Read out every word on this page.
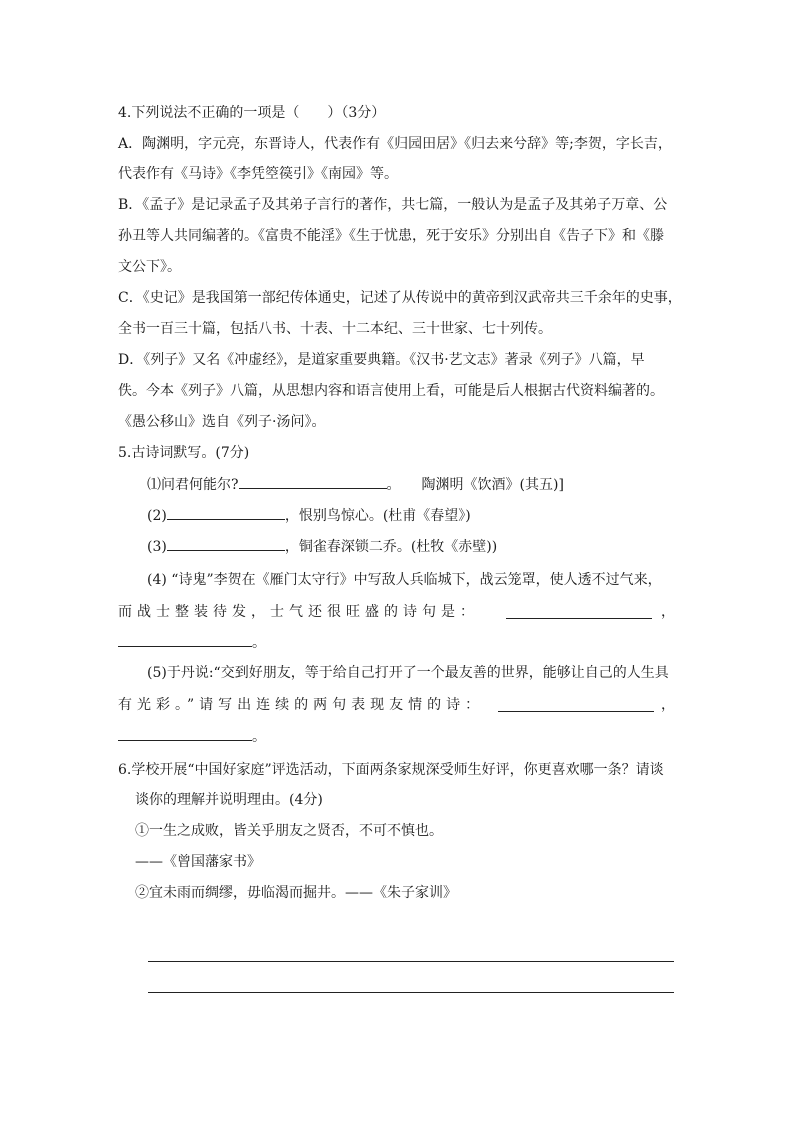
4.下列说法不正确的一项是（　　）（3分）
A．陶渊明，字元亮，东晋诗人，代表作有《归园田居》《归去来兮辞》等;李贺，字长吉，
代表作有《马诗》《李凭箜篌引》《南园》等。
B．《孟子》是记录孟子及其弟子言行的著作，共七篇，一般认为是孟子及其弟子万章、公
孙丑等人共同编著的。《富贵不能淫》《生于忧患，死于安乐》分别出自《告子下》和《滕
文公下》。
C．《史记》是我国第一部纪传体通史，记述了从传说中的黄帝到汉武帝共三千余年的史事，
全书一百三十篇，包括八书、十表、十二本纪、三十世家、七十列传。
D．《列子》又名《冲虚经》，是道家重要典籍。《汉书·艺文志》著录《列子》八篇，早
佚。今本《列子》八篇，从思想内容和语言使用上看，可能是后人根据古代资料编著的。
《愚公移山》选自《列子·汤问》。
5.古诗词默写。(7分)
⑴问君何能尔?	。　　陶渊明《饮酒》(其五)]
(2)	，恨别鸟惊心。(杜甫《春望》)
(3)	，铜雀春深锁二乔。(杜牧《赤壁))
(4) “诗鬼”李贺在《雁门太守行》中写敌人兵临城下，战云笼罩，使人透不过气来，
而战士整装待发，士气还很旺盛的诗句是：	，
。
(5)于丹说:“交到好朋友，等于给自己打开了一个最友善的世界，能够让自己的人生具
有光彩。”请写出连续的两句表现友情的诗：	，
。
6.学校开展“中国好家庭”评选活动，下面两条家规深受师生好评，你更喜欢哪一条？请谈
谈你的理解并说明理由。(4分)
①一生之成败，皆关乎朋友之贤否，不可不慎也。
——《曾国藩家书》
②宜未雨而绸缪，毋临渴而掘井。——《朱子家训》
